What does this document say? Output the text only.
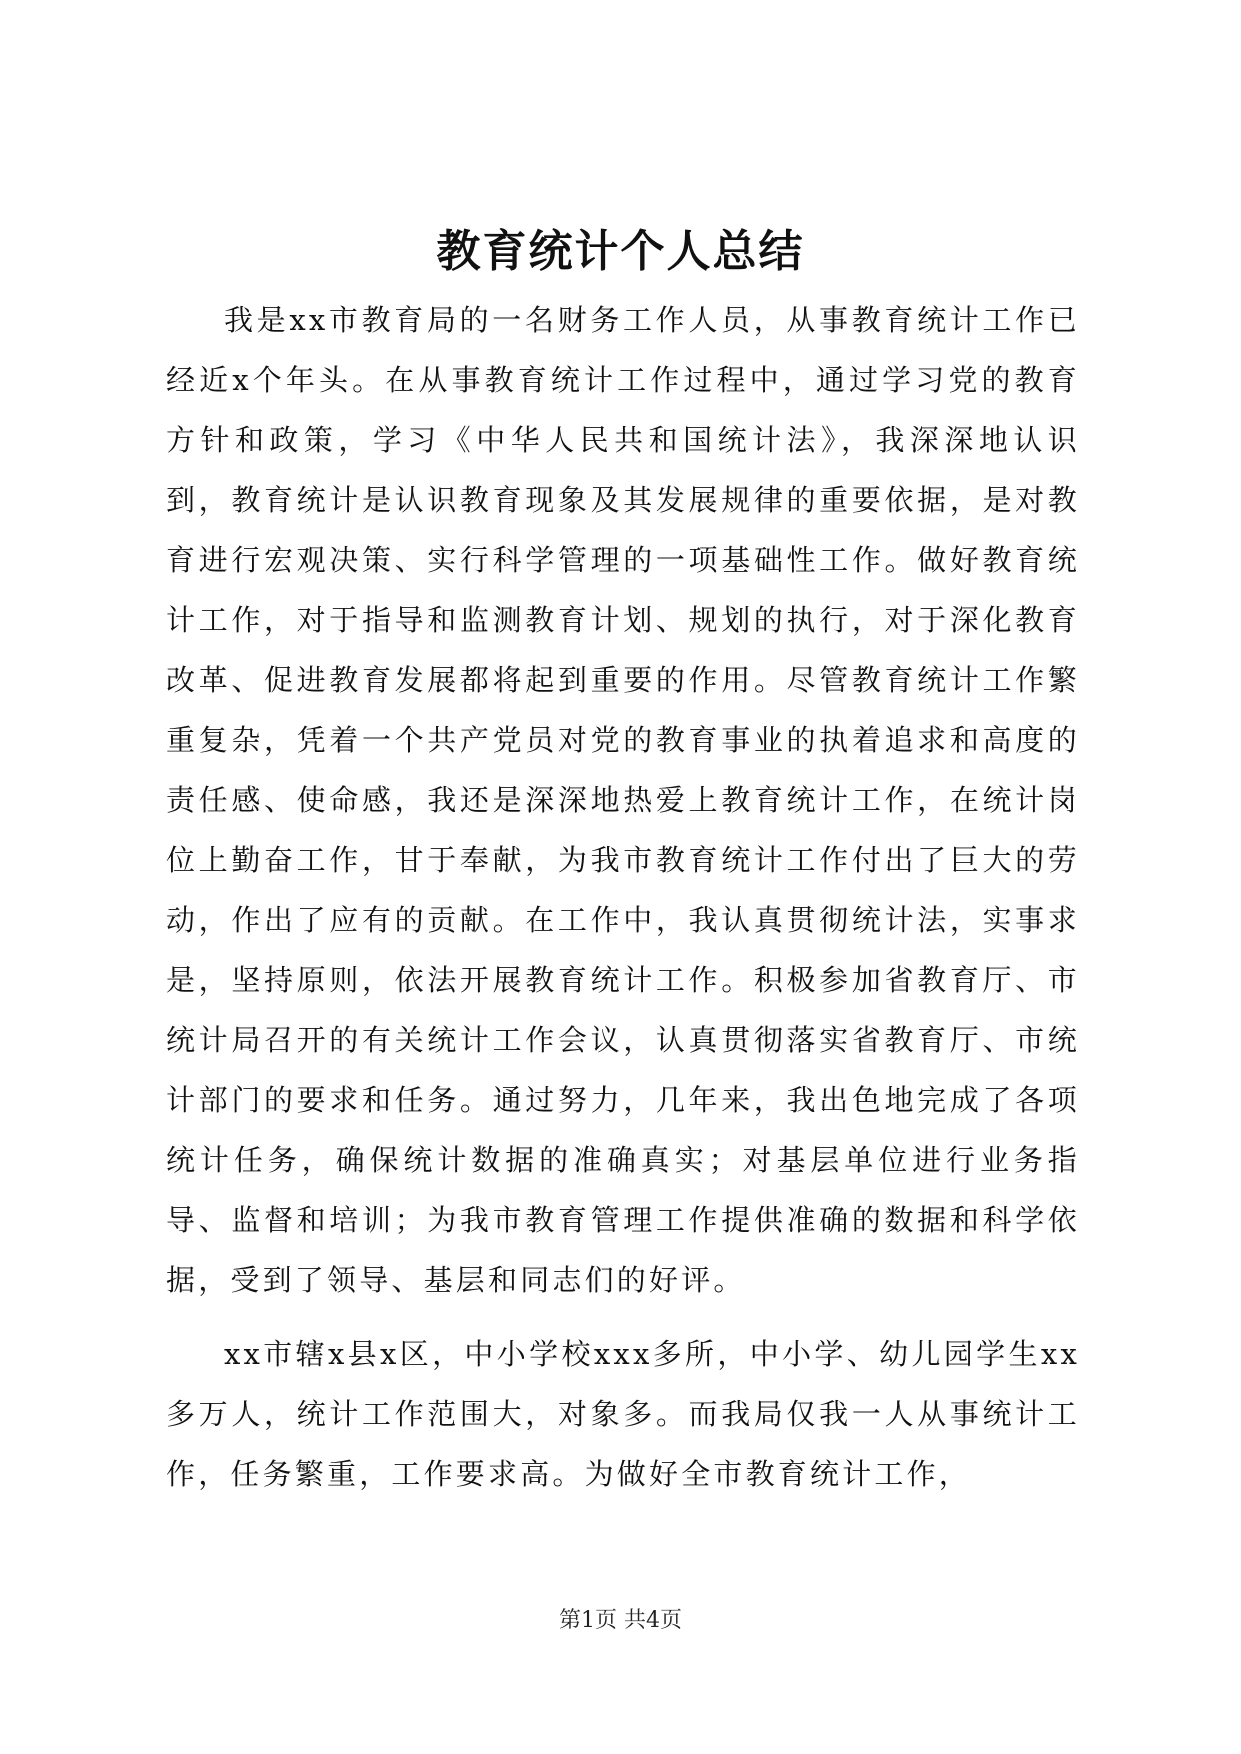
教育统计个人总结

我是xx市教育局的一名财务工作人员，从事教育统计工作已经近x个年头。在从事教育统计工作过程中，通过学习党的教育方针和政策，学习《中华人民共和国统计法》，我深深地认识到，教育统计是认识教育现象及其发展规律的重要依据，是对教育进行宏观决策、实行科学管理的一项基础性工作。做好教育统计工作，对于指导和监测教育计划、规划的执行，对于深化教育改革、促进教育发展都将起到重要的作用。尽管教育统计工作繁重复杂，凭着一个共产党员对党的教育事业的执着追求和高度的责任感、使命感，我还是深深地热爱上教育统计工作，在统计岗位上勤奋工作，甘于奉献，为我市教育统计工作付出了巨大的劳动，作出了应有的贡献。在工作中，我认真贯彻统计法，实事求是，坚持原则，依法开展教育统计工作。积极参加省教育厅、市统计局召开的有关统计工作会议，认真贯彻落实省教育厅、市统计部门的要求和任务。通过努力，几年来，我出色地完成了各项统计任务，确保统计数据的准确真实；对基层单位进行业务指导、监督和培训；为我市教育管理工作提供准确的数据和科学依据，受到了领导、基层和同志们的好评。

xx市辖x县x区，中小学校xxx多所，中小学、幼儿园学生xx多万人，统计工作范围大，对象多。而我局仅我一人从事统计工作，任务繁重，工作要求高。为做好全市教育统计工作，

第1页 共4页
